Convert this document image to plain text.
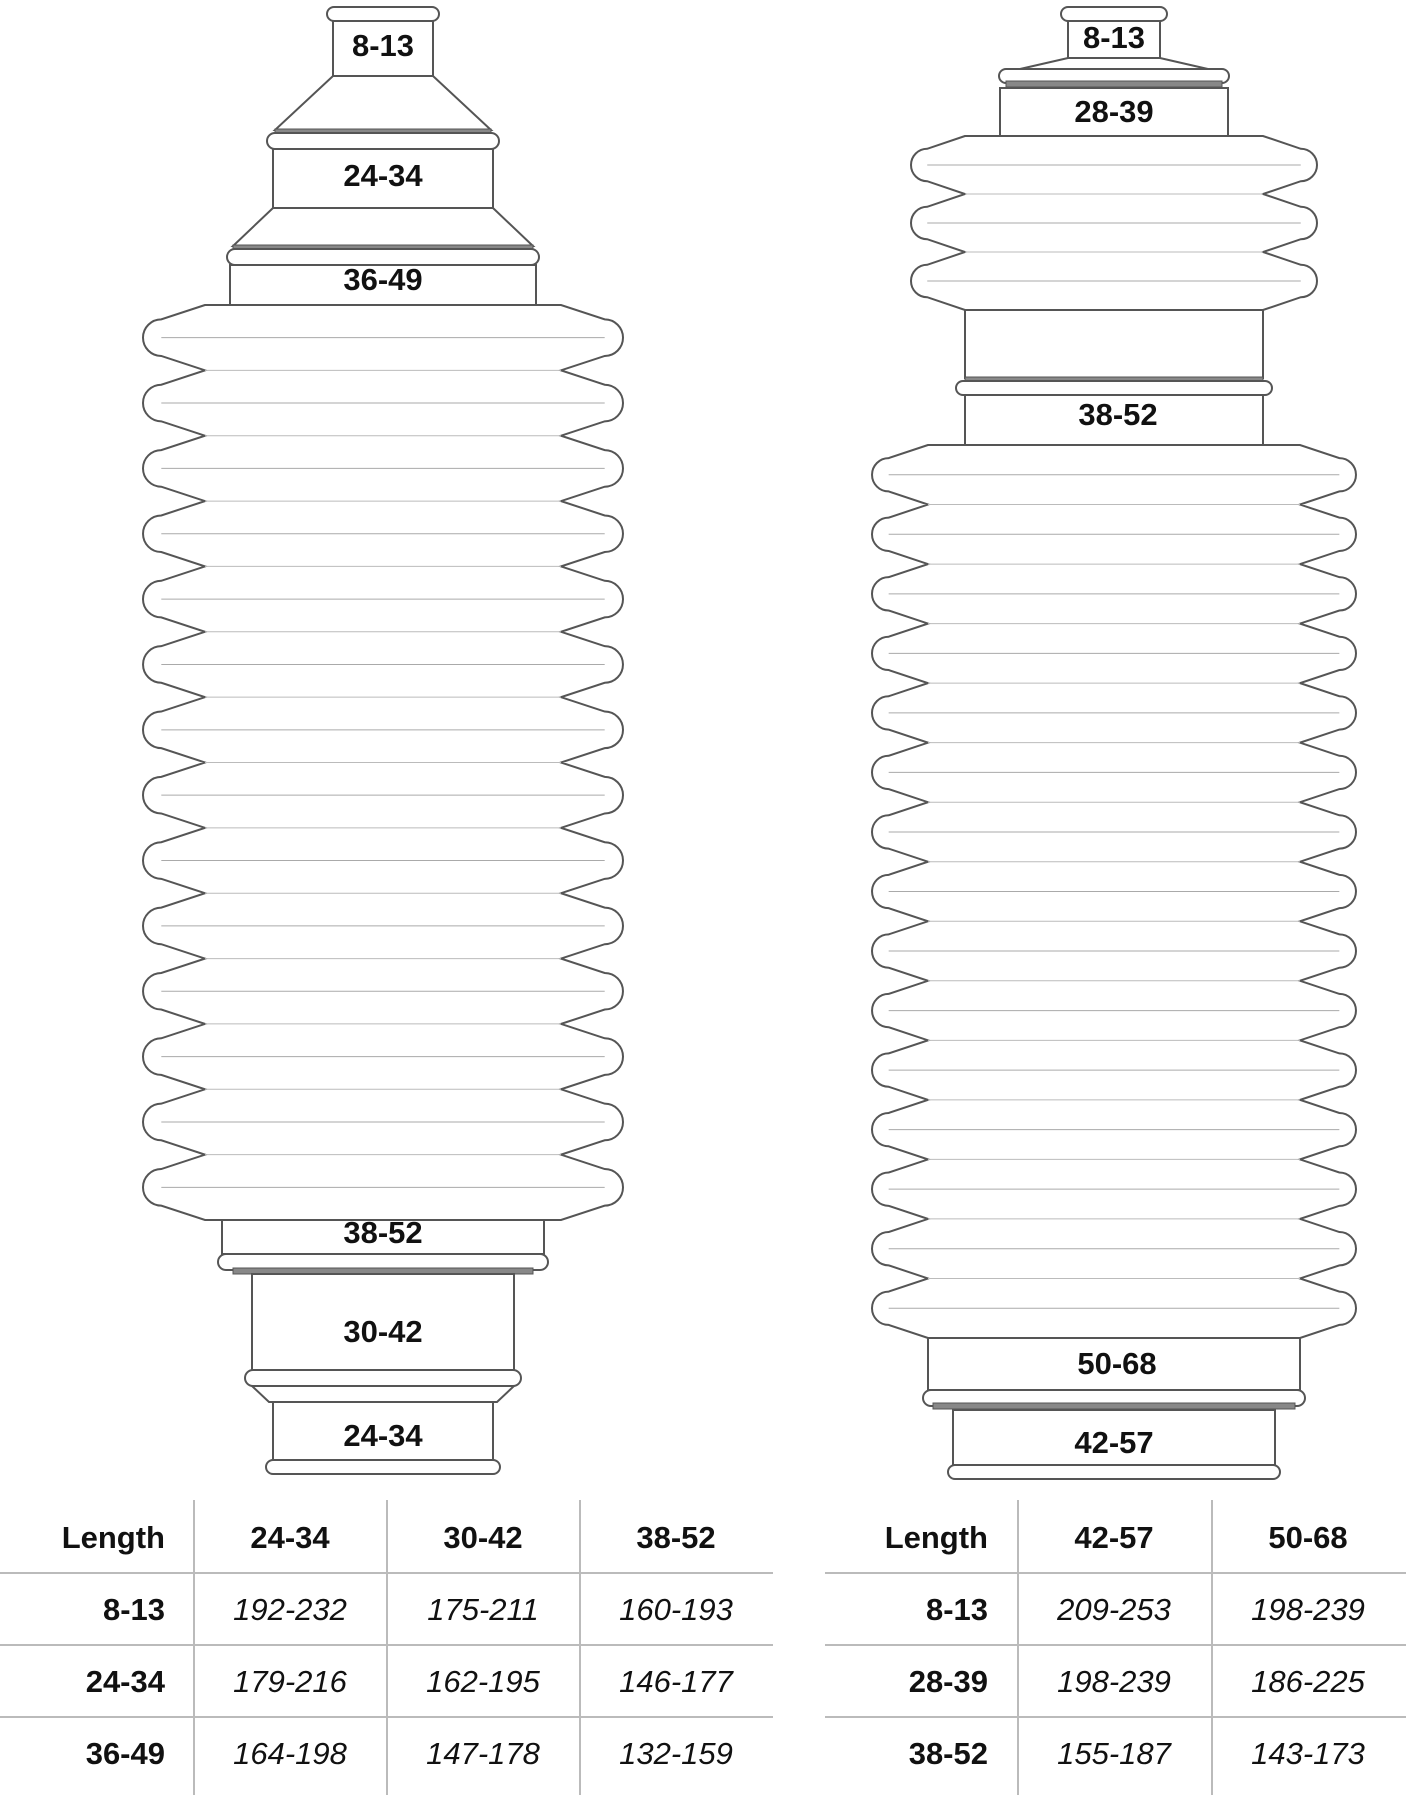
8-13
24-34
36-49
38-52
30-42
24-34
8-13
28-39
38-52
50-68
42-57
Length	24-34	30-42	38-52
8-13 192-232	175-211	160-193
24-34 179-216	162-195	146-177
36-49 164-198	147-178	132-159
Length	42-57	50-68
8-13 209-253	198-239
28-39 198-239	186-225
38-52 155-187	143-173
